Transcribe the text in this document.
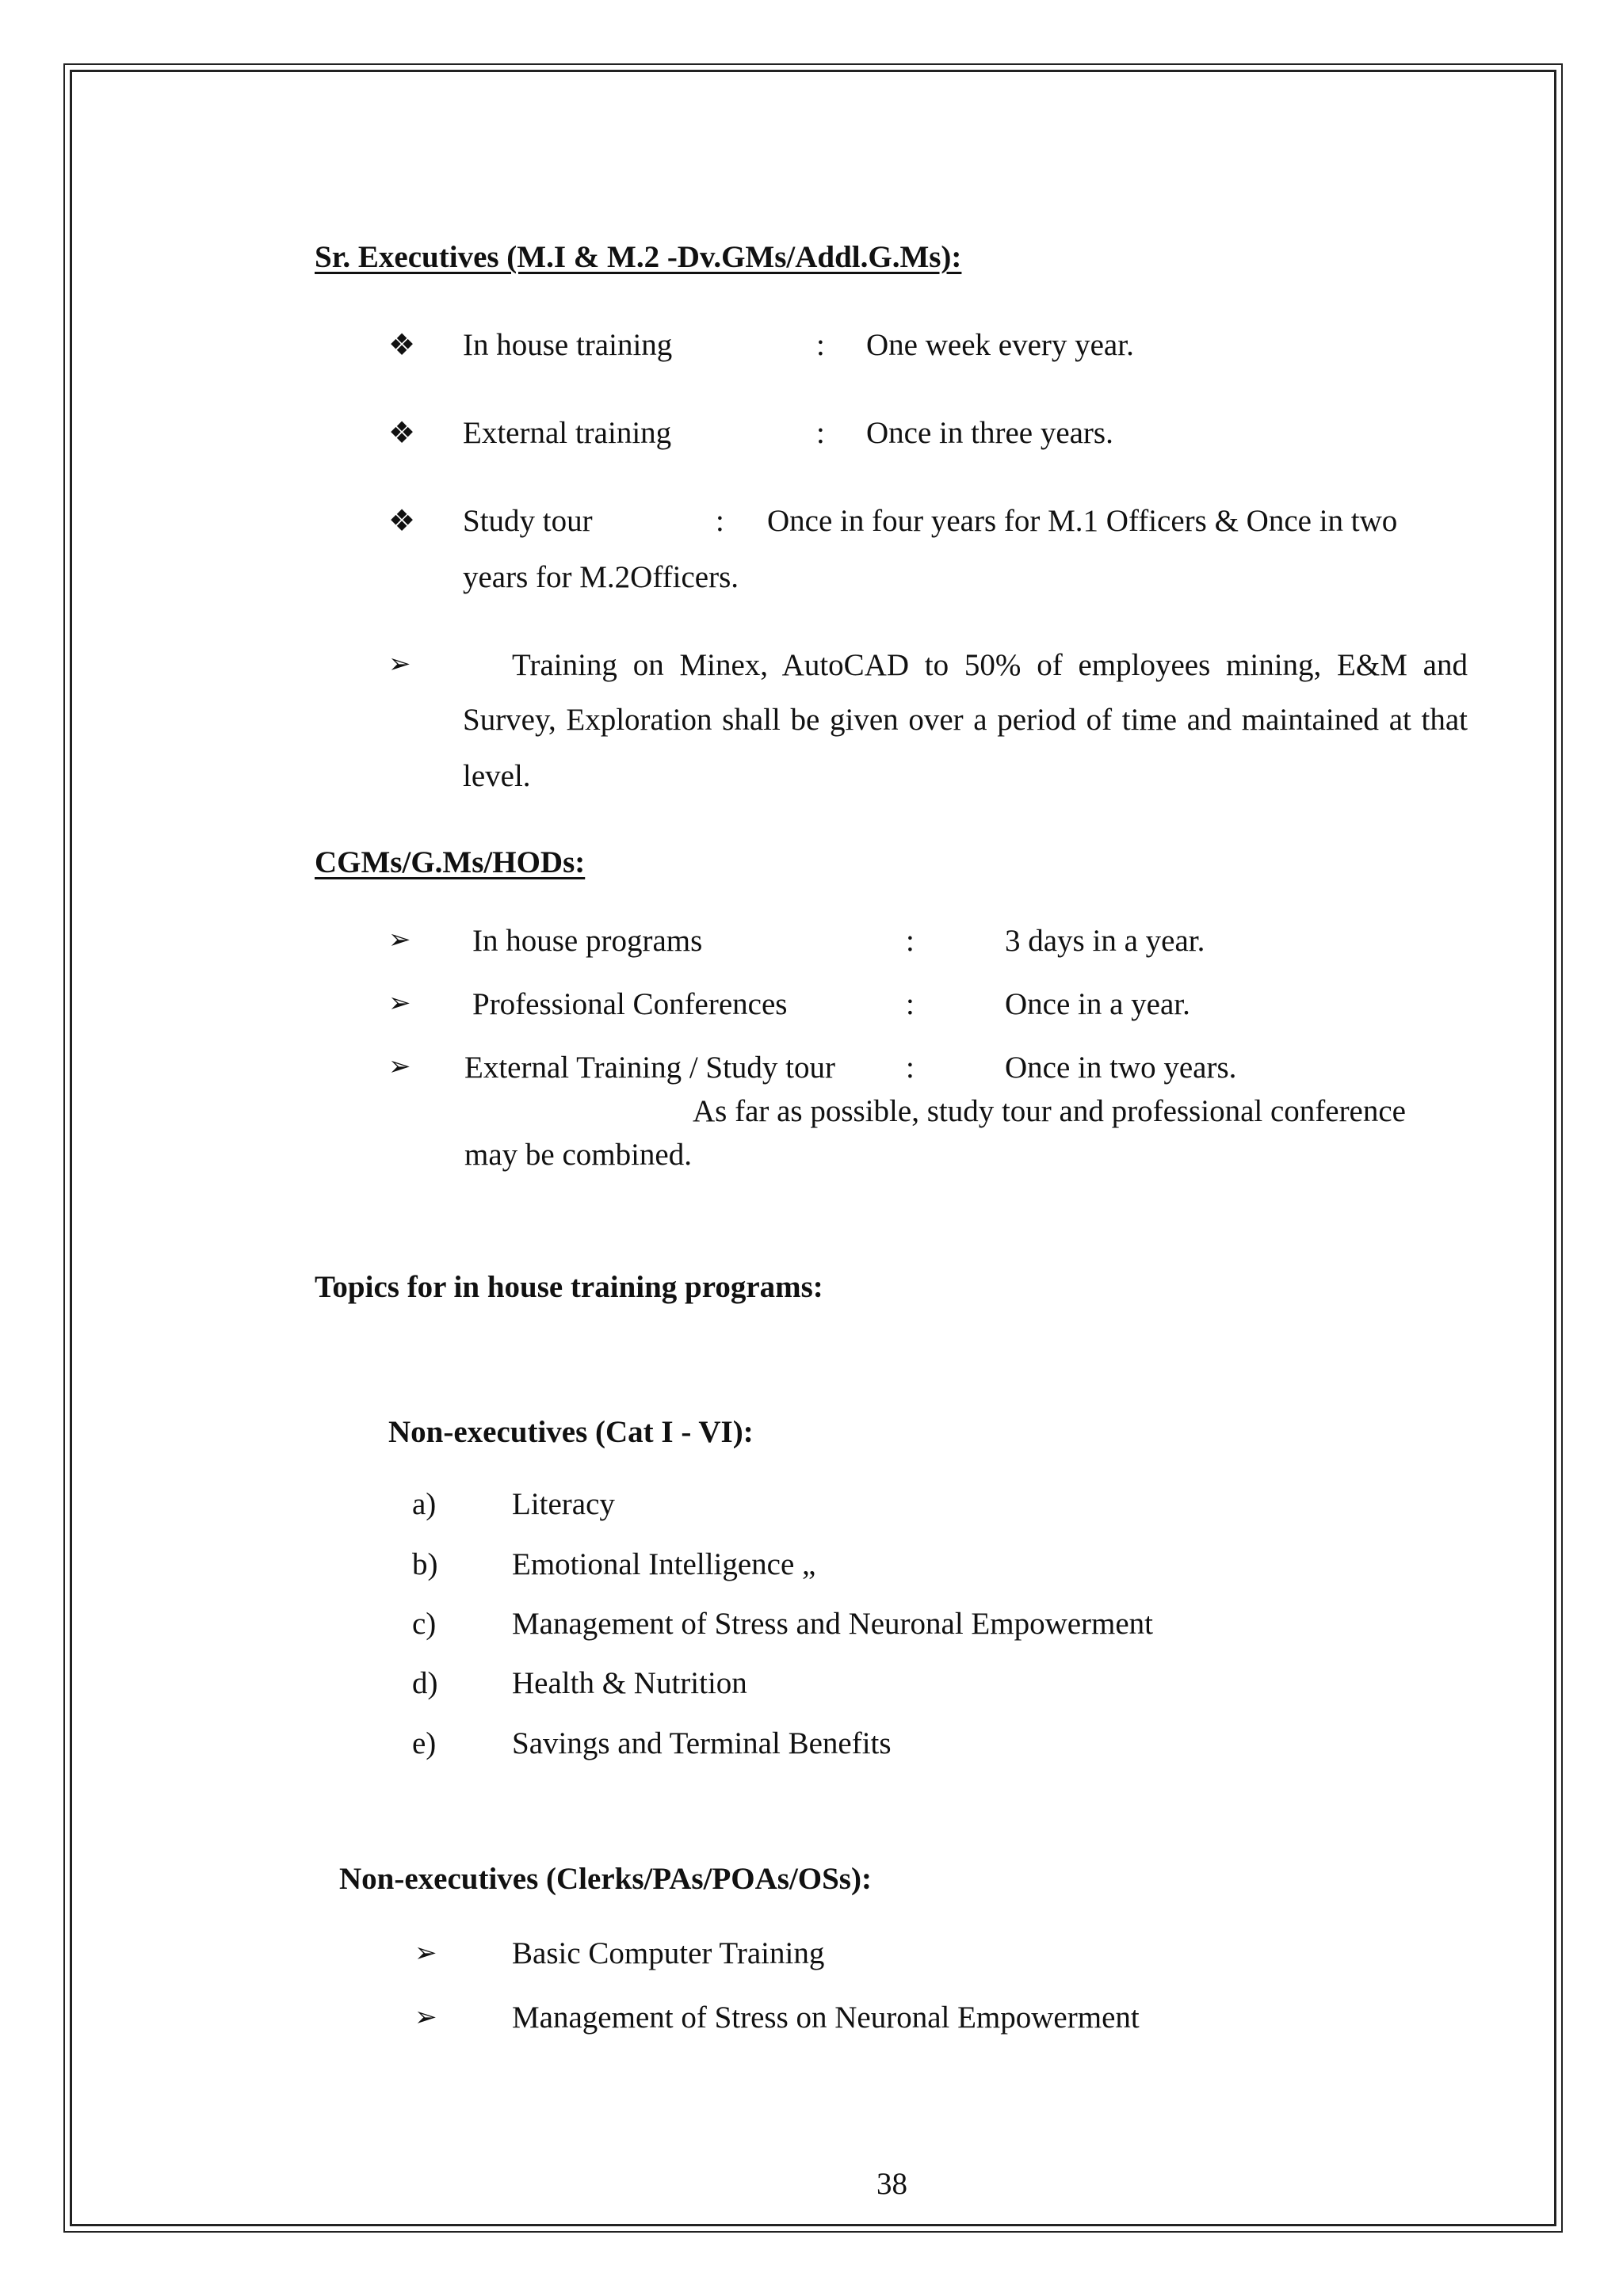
Sr. Executives (M.I & M.2 -Dv.GMs/Addl.G.Ms):
❖ In house training	: One week every year.
❖ External training	: Once in three years.
❖ Study tour	: Once in four years for M.1 Officers & Once in two
years for M.2Officers.
➢	Training on Minex, AutoCAD to 50% of employees mining, E&M and
Survey, Exploration shall be given over a period of time and maintained at that level.
CGMs/G.Ms/HODs:
➢ In house programs	:	3 days in a year.
➢ Professional Conferences	:	Once in a year.
➢ External Training / Study tour :	Once in two years.
As far as possible, study tour and professional conference
may be combined.
Topics for in house training programs:
Non-executives (Cat I - VI):
a) Literacy
b) Emotional Intelligence „
c) Management of Stress and Neuronal Empowerment
d) Health & Nutrition
e) Savings and Terminal Benefits
Non-executives (Clerks/PAs/POAs/OSs):
➢ Basic Computer Training
➢ Management of Stress on Neuronal Empowerment
38
